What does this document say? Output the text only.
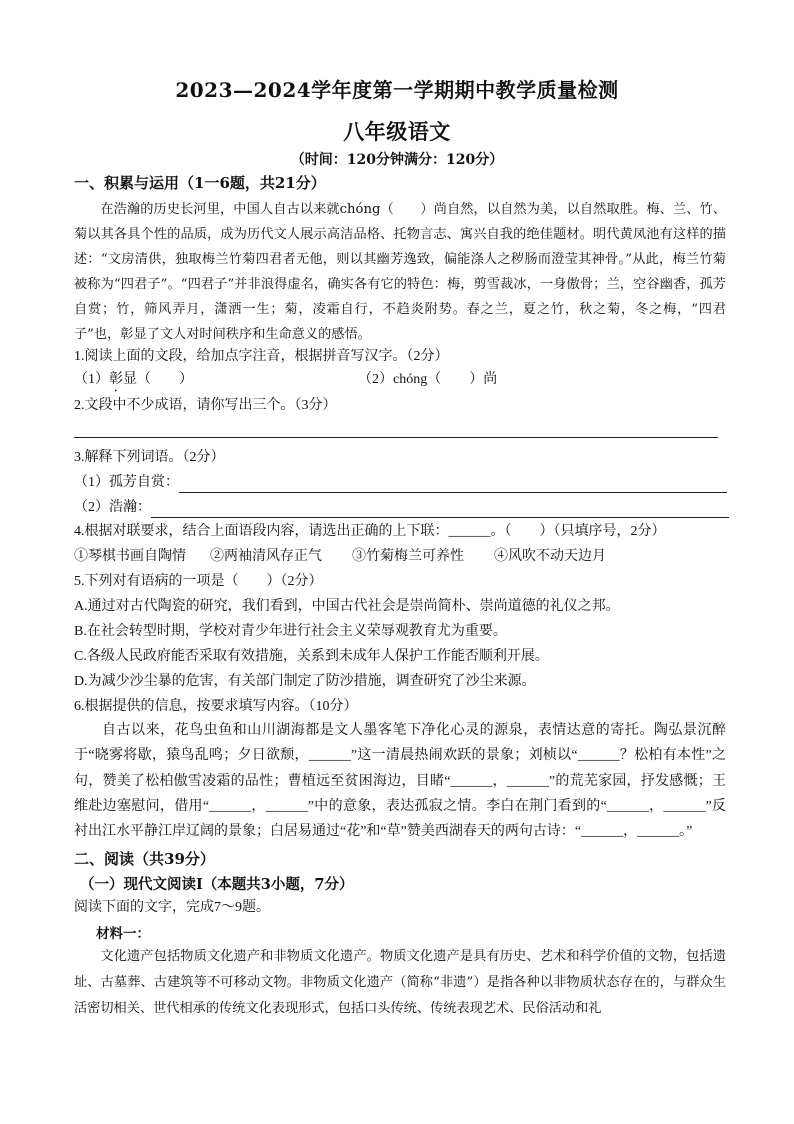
2023—2024学年度第一学期期中教学质量检测
八年级语文
（时间：120分钟满分：120分）
一、积累与运用（1一6题，共21分）
在浩瀚的历史长河里，中国人自古以来就chóng（　　）尚自然，以自然为美，以自然取胜。梅、兰、竹、菊以其各具个性的品质，成为历代文人展示高洁品格、托物言志、寓兴自我的绝佳题材。明代黄凤池有这样的描述：“文房清供，独取梅兰竹菊四君者无他，则以其幽芳逸致，偏能涤人之秽肠而澄莹其神骨。”从此，梅兰竹菊被称为“四君子”。“四君子”并非浪得虚名，确实各有它的特色：梅，剪雪裁冰，一身傲骨；兰，空谷幽香，孤芳自赏；竹，筛风弄月，潇洒一生；菊，凌霜自行，不趋炎附势。春之兰，夏之竹，秋之菊，冬之梅，“四君子”也，彰显了文人对时间秩序和生命意义的感悟。
1.阅读上面的文段，给加点字注音，根据拼音写汉字。（2分）
（1）彰显（　　）	（2）chóng（　　）尚
2.文段中不少成语，请你写出三个。（3分）
3.解释下列词语。（2分）
（1）孤芳自赏：
（2）浩瀚：
4.根据对联要求，结合上面语段内容，请选出正确的上下联：______。（　　）（只填序号，2分）
①琴棋书画自陶情 ②两袖清风存正气 ③竹菊梅兰可养性 ④风吹不动天边月
5.下列对有语病的一项是（　　）（2分）
A.通过对古代陶瓷的研究，我们看到，中国古代社会是崇尚简朴、崇尚道德的礼仪之邦。
B.在社会转型时期，学校对青少年进行社会主义荣辱观教育尤为重要。
C.各级人民政府能否采取有效措施，关系到未成年人保护工作能否顺利开展。
D.为减少沙尘暴的危害，有关部门制定了防沙措施，调查研究了沙尘来源。
6.根据提供的信息，按要求填写内容。（10分）
自古以来，花鸟虫鱼和山川湖海都是文人墨客笔下净化心灵的源泉，表情达意的寄托。陶弘景沉醉于“晓雾将歇，猿鸟乱鸣；夕日欲颓，______”这一清晨热闹欢跃的景象；刘桢以“______？松柏有本性”之句，赞美了松柏傲雪凌霜的品性；曹植远至贫困海边，目睹“______，______”的荒芜家园，抒发感慨；王维赴边塞慰问，借用“______，______”中的意象，表达孤寂之情。李白在荆门看到的“______，______”反衬出江水平静江岸辽阔的景象；白居易通过“花”和“草”赞美西湖春天的两句古诗：“______，______。”
二、阅读（共39分）
（一）现代文阅读Ⅰ（本题共3小题，7分）
阅读下面的文字，完成7～9题。
材料一：
文化遗产包括物质文化遗产和非物质文化遗产。物质文化遗产是具有历史、艺术和科学价值的文物，包括遗址、古墓葬、古建筑等不可移动文物。非物质文化遗产（简称“非遗”）是指各种以非物质状态存在的，与群众生活密切相关、世代相承的传统文化表现形式，包括口头传统、传统表现艺术、民俗活动和礼
